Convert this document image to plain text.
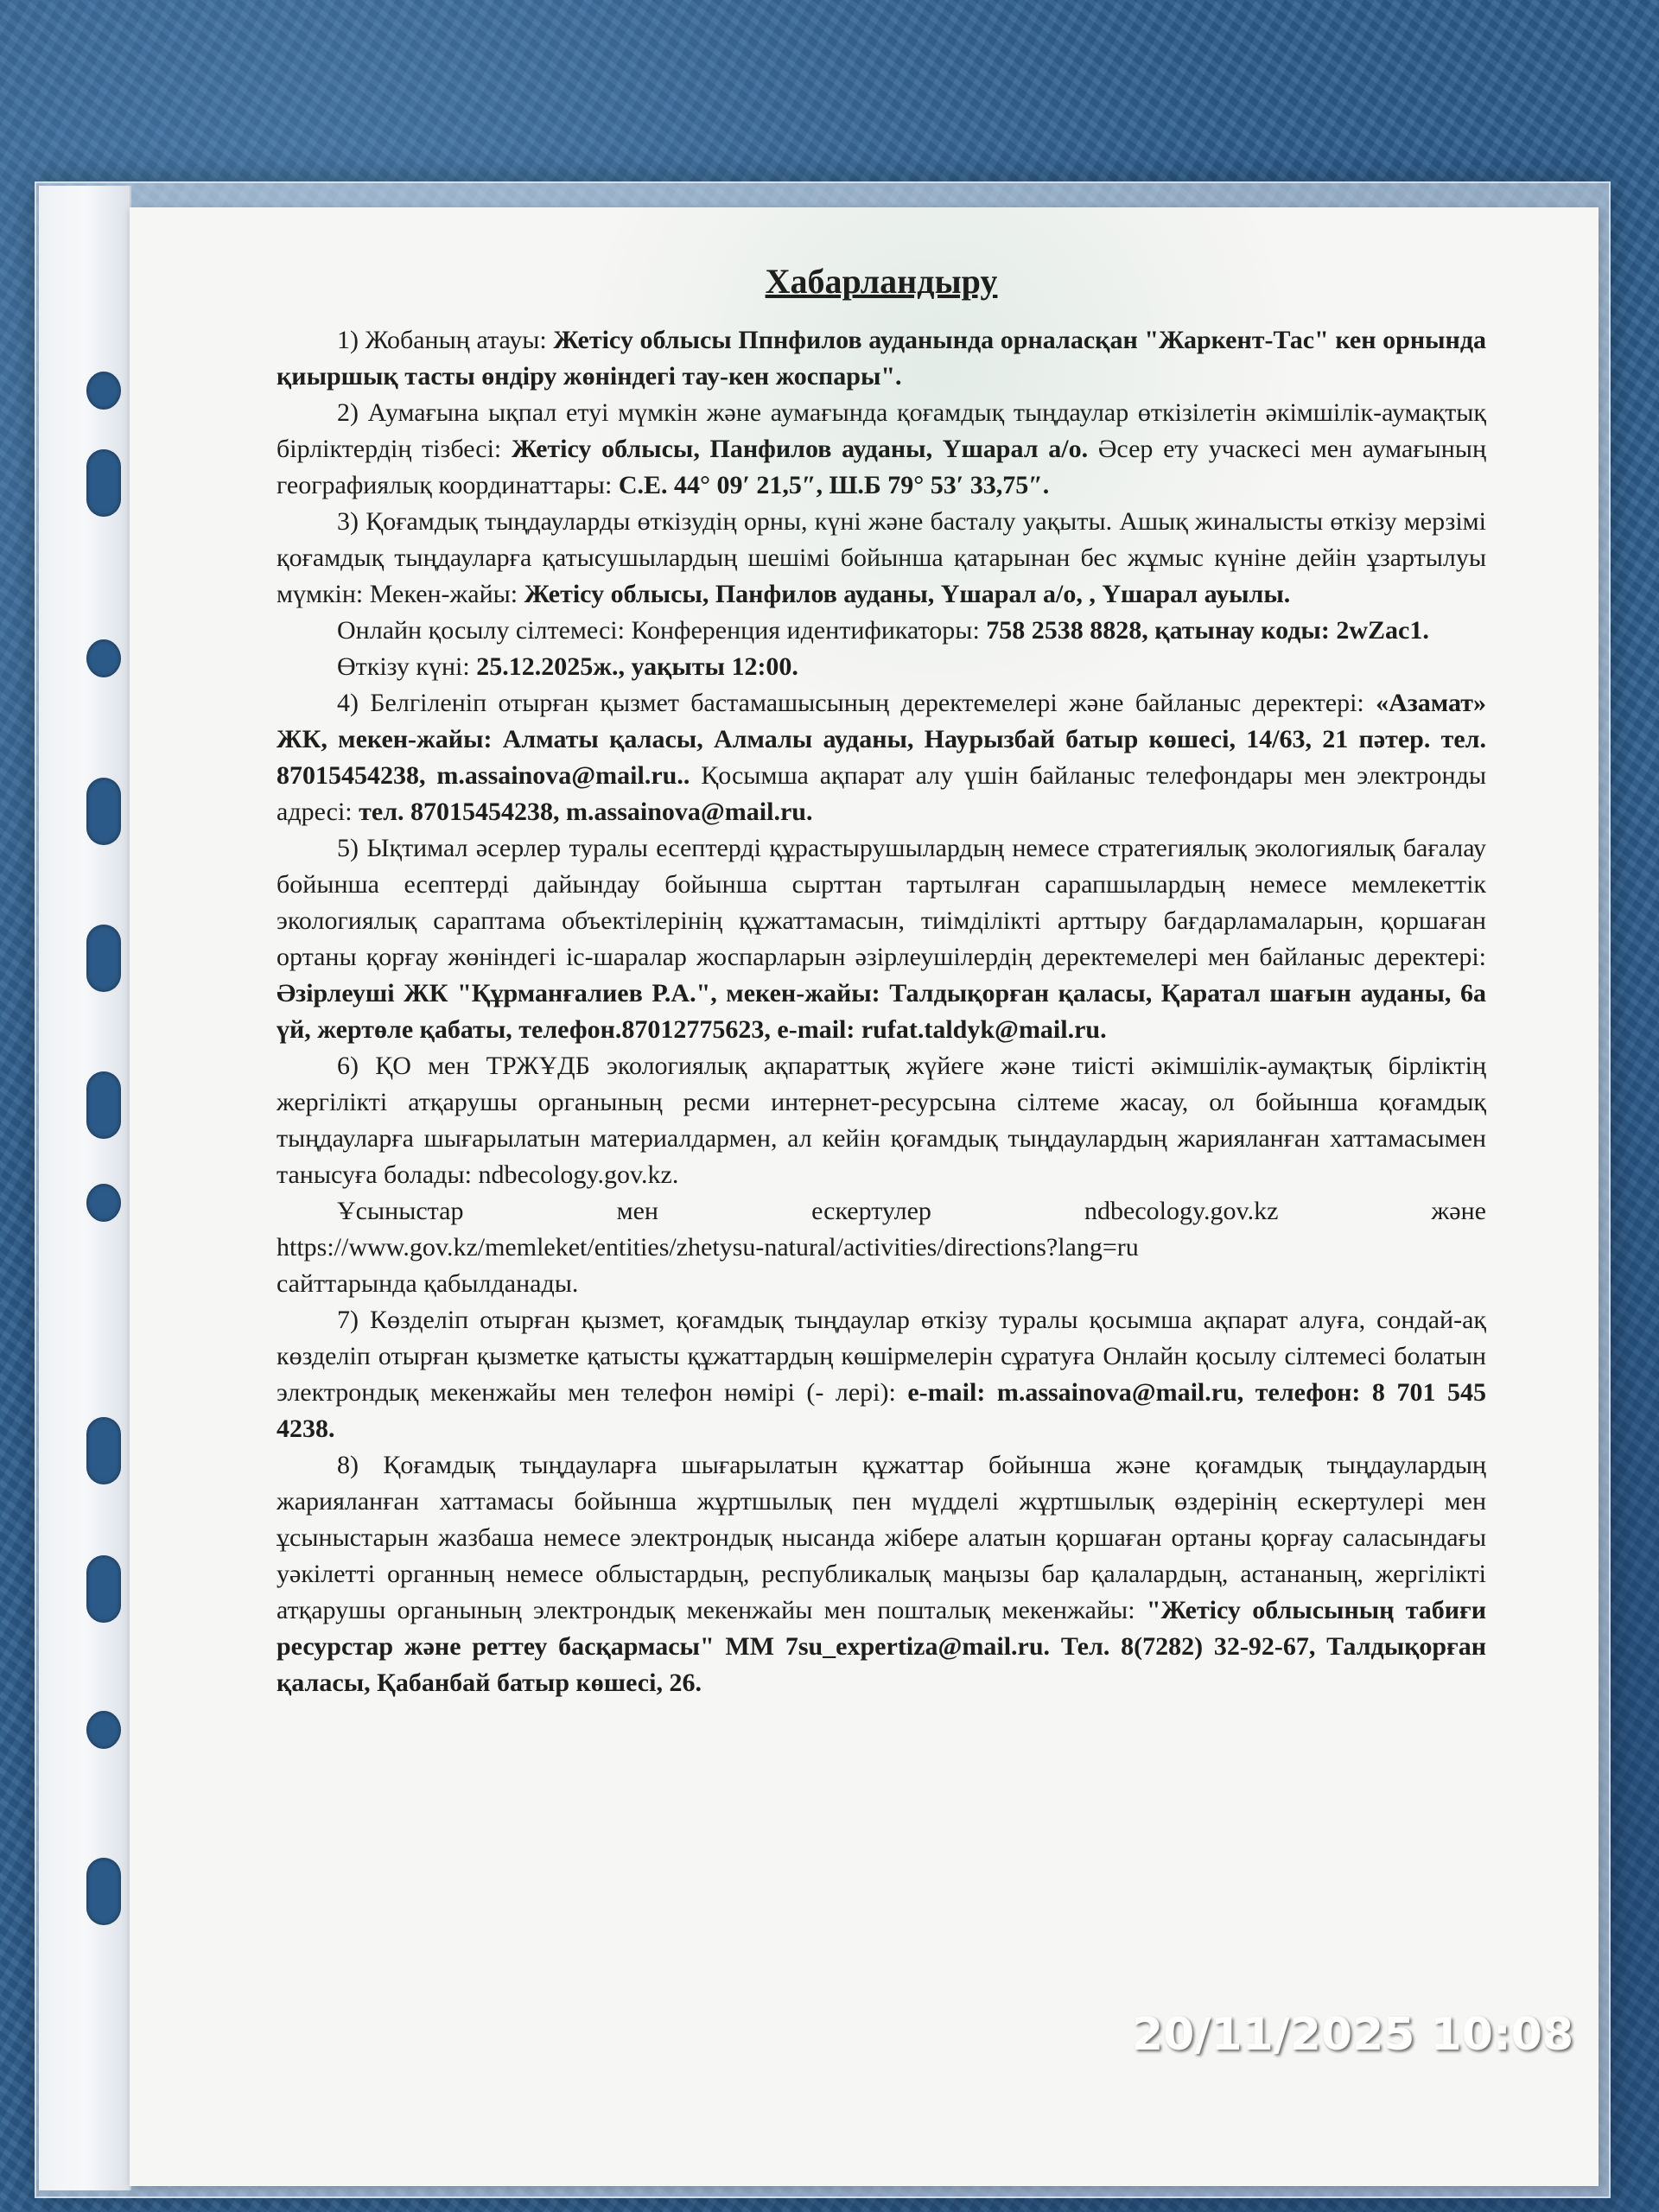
Хабарландыру

1) Жобаның атауы: Жетісу облысы Ппнфилов ауданында орналасқан "Жаркент-Тас" кен орнында қиыршық тасты өндіру жөніндегі тау-кен жоспары".

2) Аумағына ықпал етуі мүмкін және аумағында қоғамдық тыңдаулар өткізілетін әкімшілік-аумақтық бірліктердің тізбесі: Жетісу облысы, Панфилов ауданы, Үшарал а/о. Әсер ету учаскесі мен аумағының географиялық координаттары: С.Е. 44° 09′ 21,5″, Ш.Б 79° 53′ 33,75″.

3) Қоғамдық тыңдауларды өткізудің орны, күні және басталу уақыты. Ашық жиналысты өткізу мерзімі қоғамдық тыңдауларға қатысушылардың шешімі бойынша қатарынан бес жұмыс күніне дейін ұзартылуы мүмкін: Мекен-жайы: Жетісу облысы, Панфилов ауданы, Үшарал а/о, , Үшарал ауылы.

Онлайн қосылу сілтемесі: Конференция идентификаторы: 758 2538 8828, қатынау коды: 2wZac1.

Өткізу күні: 25.12.2025ж., уақыты 12:00.

4) Белгіленіп отырған қызмет бастамашысының деректемелері және байланыс деректері: «Азамат» ЖК, мекен-жайы: Алматы қаласы, Алмалы ауданы, Наурызбай батыр көшесі, 14/63, 21 пәтер. тел. 87015454238, m.assainova@mail.ru.. Қосымша ақпарат алу үшін байланыс телефондары мен электронды адресі: тел. 87015454238, m.assainova@mail.ru.

5) Ықтимал әсерлер туралы есептерді құрастырушылардың немесе стратегиялық экологиялық бағалау бойынша есептерді дайындау бойынша сырттан тартылған сарапшылардың немесе мемлекеттік экологиялық сараптама объектілерінің құжаттамасын, тиімділікті арттыру бағдарламаларын, қоршаған ортаны қорғау жөніндегі іс-шаралар жоспарларын әзірлеушілердің деректемелері мен байланыс деректері: Әзірлеуші ЖК "Құрманғалиев Р.А.", мекен-жайы: Талдықорған қаласы, Қаратал шағын ауданы, 6а үй, жертөле қабаты, телефон.87012775623, e-mail: rufat.taldyk@mail.ru.

6) ҚО мен ТРЖҰДБ экологиялық ақпараттық жүйеге және тиісті әкімшілік-аумақтық бірліктің жергілікті атқарушы органының ресми интернет-ресурсына сілтеме жасау, ол бойынша қоғамдық тыңдауларға шығарылатын материалдармен, ал кейін қоғамдық тыңдаулардың жарияланған хаттамасымен танысуға болады: ndbecology.gov.kz.

Ұсыныстар	мен	ескертулер	ndbecology.gov.kz	және
https://www.gov.kz/memleket/entities/zhetysu-natural/activities/directions?lang=ru
сайттарында қабылданады.

7) Көзделіп отырған қызмет, қоғамдық тыңдаулар өткізу туралы қосымша ақпарат алуға, сондай-ақ көзделіп отырған қызметке қатысты құжаттардың көшірмелерін сұратуға Онлайн қосылу сілтемесі болатын электрондық мекенжайы мен телефон нөмірі (- лері): e-mail: m.assainova@mail.ru, телефон: 8 701 545 4238.

8) Қоғамдық тыңдауларға шығарылатын құжаттар бойынша және қоғамдық тыңдаулардың жарияланған хаттамасы бойынша жұртшылық пен мүдделі жұртшылық өздерінің ескертулері мен ұсыныстарын жазбаша немесе электрондық нысанда жібере алатын қоршаған ортаны қорғау саласындағы уәкілетті органның немесе облыстардың, республикалық маңызы бар қалалардың, астананың, жергілікті атқарушы органының электрондық мекенжайы мен пошталық мекенжайы: "Жетісу облысының табиғи ресурстар және реттеу басқармасы" ММ 7su_expertiza@mail.ru. Тел. 8(7282) 32-92-67, Талдықорған қаласы, Қабанбай батыр көшесі, 26.

20/11/2025 10:08
